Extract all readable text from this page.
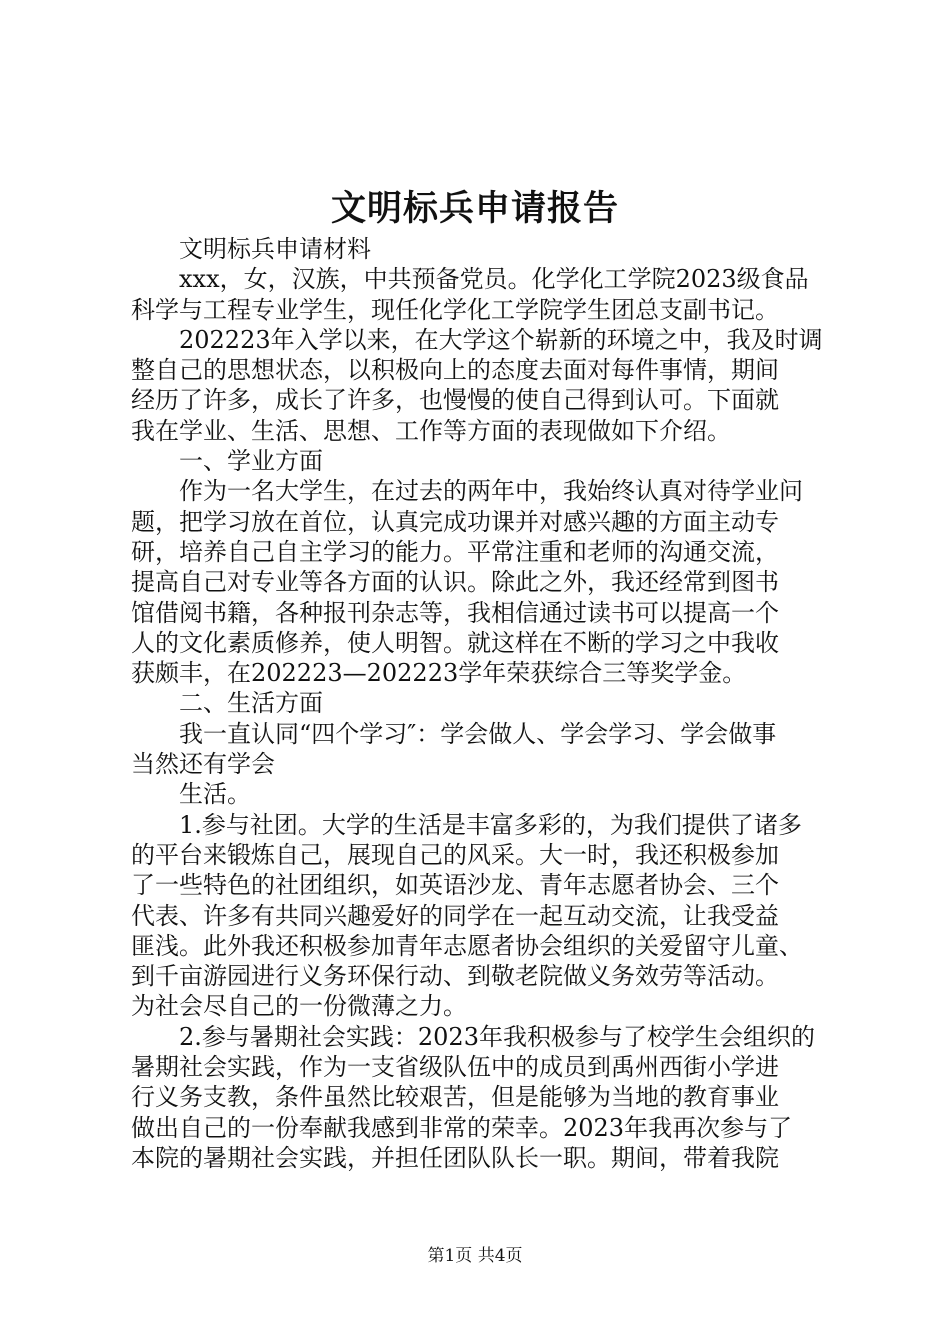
文明标兵申请报告
　　文明标兵申请材料
　　xxx，女，汉族，中共预备党员。化学化工学院2023级食品
科学与工程专业学生，现任化学化工学院学生团总支副书记。
　　202223年入学以来，在大学这个崭新的环境之中，我及时调
整自己的思想状态，以积极向上的态度去面对每件事情，期间
经历了许多，成长了许多，也慢慢的使自己得到认可。下面就
我在学业、生活、思想、工作等方面的表现做如下介绍。
　　一、学业方面
　　作为一名大学生，在过去的两年中，我始终认真对待学业问
题，把学习放在首位，认真完成功课并对感兴趣的方面主动专
研，培养自己自主学习的能力。平常注重和老师的沟通交流，
提高自己对专业等各方面的认识。除此之外，我还经常到图书
馆借阅书籍，各种报刊杂志等，我相信通过读书可以提高一个
人的文化素质修养，使人明智。就这样在不断的学习之中我收
获颇丰，在202223—202223学年荣获综合三等奖学金。
　　二、生活方面
　　我一直认同“四个学习″：学会做人、学会学习、学会做事
当然还有学会
　　生活。
　　1.参与社团。大学的生活是丰富多彩的，为我们提供了诸多
的平台来锻炼自己，展现自己的风采。大一时，我还积极参加
了一些特色的社团组织，如英语沙龙、青年志愿者协会、三个
代表、许多有共同兴趣爱好的同学在一起互动交流，让我受益
匪浅。此外我还积极参加青年志愿者协会组织的关爱留守儿童、
到千亩游园进行义务环保行动、到敬老院做义务效劳等活动。
为社会尽自己的一份微薄之力。
　　2.参与暑期社会实践：2023年我积极参与了校学生会组织的
暑期社会实践，作为一支省级队伍中的成员到禹州西街小学进
行义务支教，条件虽然比较艰苦，但是能够为当地的教育事业
做出自己的一份奉献我感到非常的荣幸。2023年我再次参与了
本院的暑期社会实践，并担任团队队长一职。期间，带着我院
第1页 共4页
